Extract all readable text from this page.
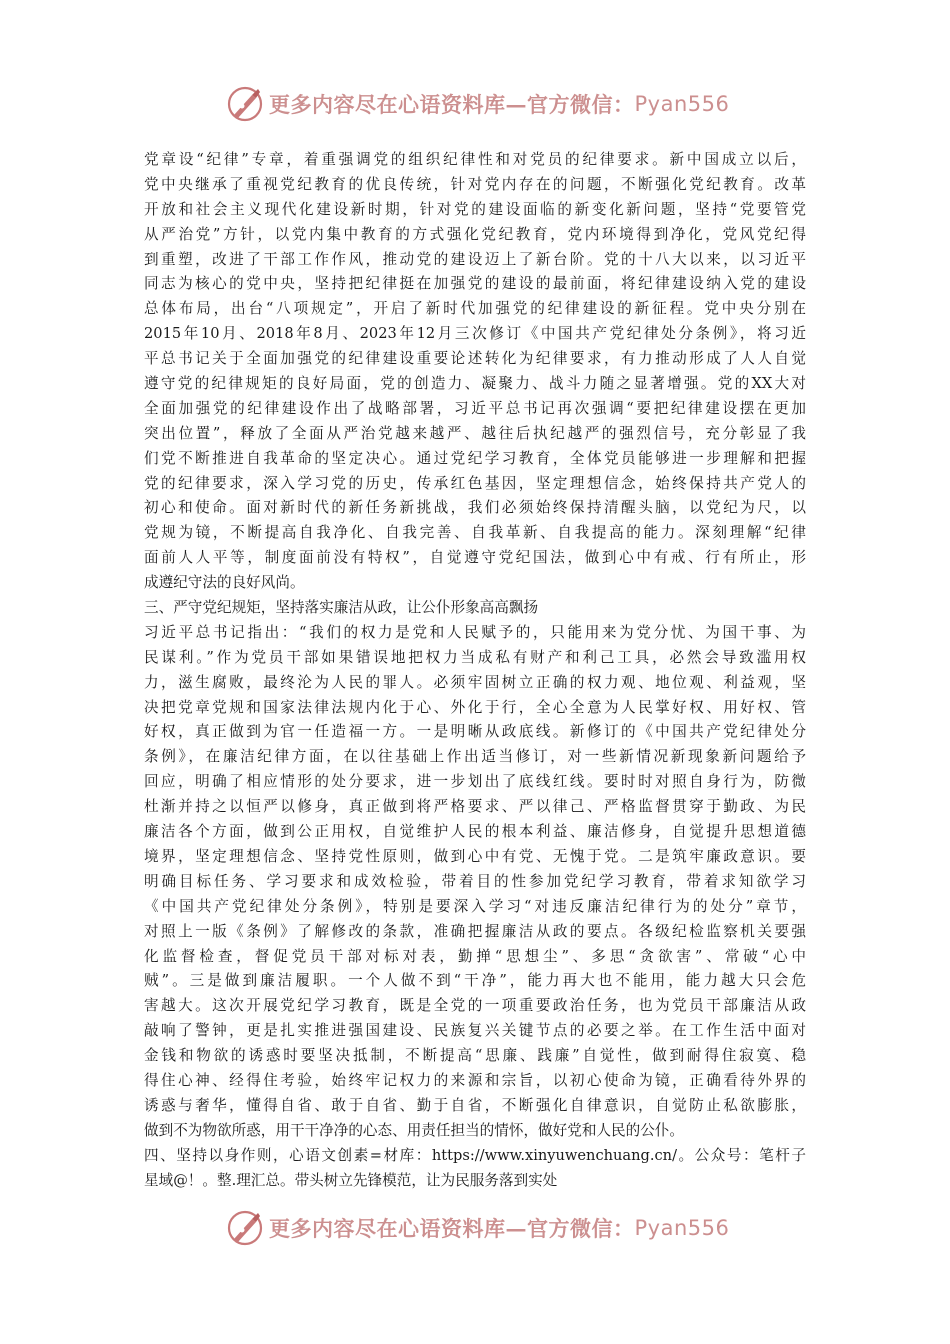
更多内容尽在心语资料库—官方微信： Pyan556
党章设“纪律”专章，着重强调党的组织纪律性和对党员的纪律要求。新中国成立以后，
党中央继承了重视党纪教育的优良传统，针对党内存在的问题，不断强化党纪教育。改革
开放和社会主义现代化建设新时期，针对党的建设面临的新变化新问题，坚持“党要管党
从严治党”方针，以党内集中教育的方式强化党纪教育，党内环境得到净化，党风党纪得
到重塑，改进了干部工作作风，推动党的建设迈上了新台阶。党的十八大以来，以习近平
同志为核心的党中央，坚持把纪律挺在加强党的建设的最前面，将纪律建设纳入党的建设
总体布局，出台“八项规定”，开启了新时代加强党的纪律建设的新征程。党中央分别在
2015年10月、2018年8月、2023年12月三次修订《中国共产党纪律处分条例》，将习近
平总书记关于全面加强党的纪律建设重要论述转化为纪律要求，有力推动形成了人人自觉
遵守党的纪律规矩的良好局面，党的创造力、凝聚力、战斗力随之显著增强。党的XX大对
全面加强党的纪律建设作出了战略部署，习近平总书记再次强调“要把纪律建设摆在更加
突出位置”，释放了全面从严治党越来越严、越往后执纪越严的强烈信号，充分彰显了我
们党不断推进自我革命的坚定决心。通过党纪学习教育，全体党员能够进一步理解和把握
党的纪律要求，深入学习党的历史，传承红色基因，坚定理想信念，始终保持共产党人的
初心和使命。面对新时代的新任务新挑战，我们必须始终保持清醒头脑，以党纪为尺，以
党规为镜，不断提高自我净化、自我完善、自我革新、自我提高的能力。深刻理解“纪律
面前人人平等，制度面前没有特权”，自觉遵守党纪国法，做到心中有戒、行有所止，形
成遵纪守法的良好风尚。
三、严守党纪规矩，坚持落实廉洁从政，让公仆形象高高飘扬
习近平总书记指出：“我们的权力是党和人民赋予的，只能用来为党分忧、为国干事、为
民谋利。”作为党员干部如果错误地把权力当成私有财产和利己工具，必然会导致滥用权
力，滋生腐败，最终沦为人民的罪人。必须牢固树立正确的权力观、地位观、利益观，坚
决把党章党规和国家法律法规内化于心、外化于行，全心全意为人民掌好权、用好权、管
好权，真正做到为官一任造福一方。一是明晰从政底线。新修订的《中国共产党纪律处分
条例》，在廉洁纪律方面，在以往基础上作出适当修订，对一些新情况新现象新问题给予
回应，明确了相应情形的处分要求，进一步划出了底线红线。要时时对照自身行为，防微
杜渐并持之以恒严以修身，真正做到将严格要求、严以律己、严格监督贯穿于勤政、为民
廉洁各个方面，做到公正用权，自觉维护人民的根本利益、廉洁修身，自觉提升思想道德
境界，坚定理想信念、坚持党性原则，做到心中有党、无愧于党。二是筑牢廉政意识。要
明确目标任务、学习要求和成效检验，带着目的性参加党纪学习教育，带着求知欲学习
《中国共产党纪律处分条例》，特别是要深入学习“对违反廉洁纪律行为的处分”章节，
对照上一版《条例》了解修改的条款，准确把握廉洁从政的要点。各级纪检监察机关要强
化监督检查，督促党员干部对标对表，勤掸“思想尘”、多思“贪欲害”、常破“心中
贼”。三是做到廉洁履职。一个人做不到“干净”，能力再大也不能用，能力越大只会危
害越大。这次开展党纪学习教育，既是全党的一项重要政治任务，也为党员干部廉洁从政
敲响了警钟，更是扎实推进强国建设、民族复兴关键节点的必要之举。在工作生活中面对
金钱和物欲的诱惑时要坚决抵制，不断提高“思廉、践廉”自觉性，做到耐得住寂寞、稳
得住心神、经得住考验，始终牢记权力的来源和宗旨，以初心使命为镜，正确看待外界的
诱惑与奢华，懂得自省、敢于自省、勤于自省，不断强化自律意识，自觉防止私欲膨胀，
做到不为物欲所惑，用干干净净的心态、用责任担当的情怀，做好党和人民的公仆。
四、坚持以身作则，心语文创素=材库：https://www.xinyuwenchuang.cn/。公众号：笔杆子
星域@！。整.理汇总。带头树立先锋模范，让为民服务落到实处
更多内容尽在心语资料库—官方微信： Pyan556
